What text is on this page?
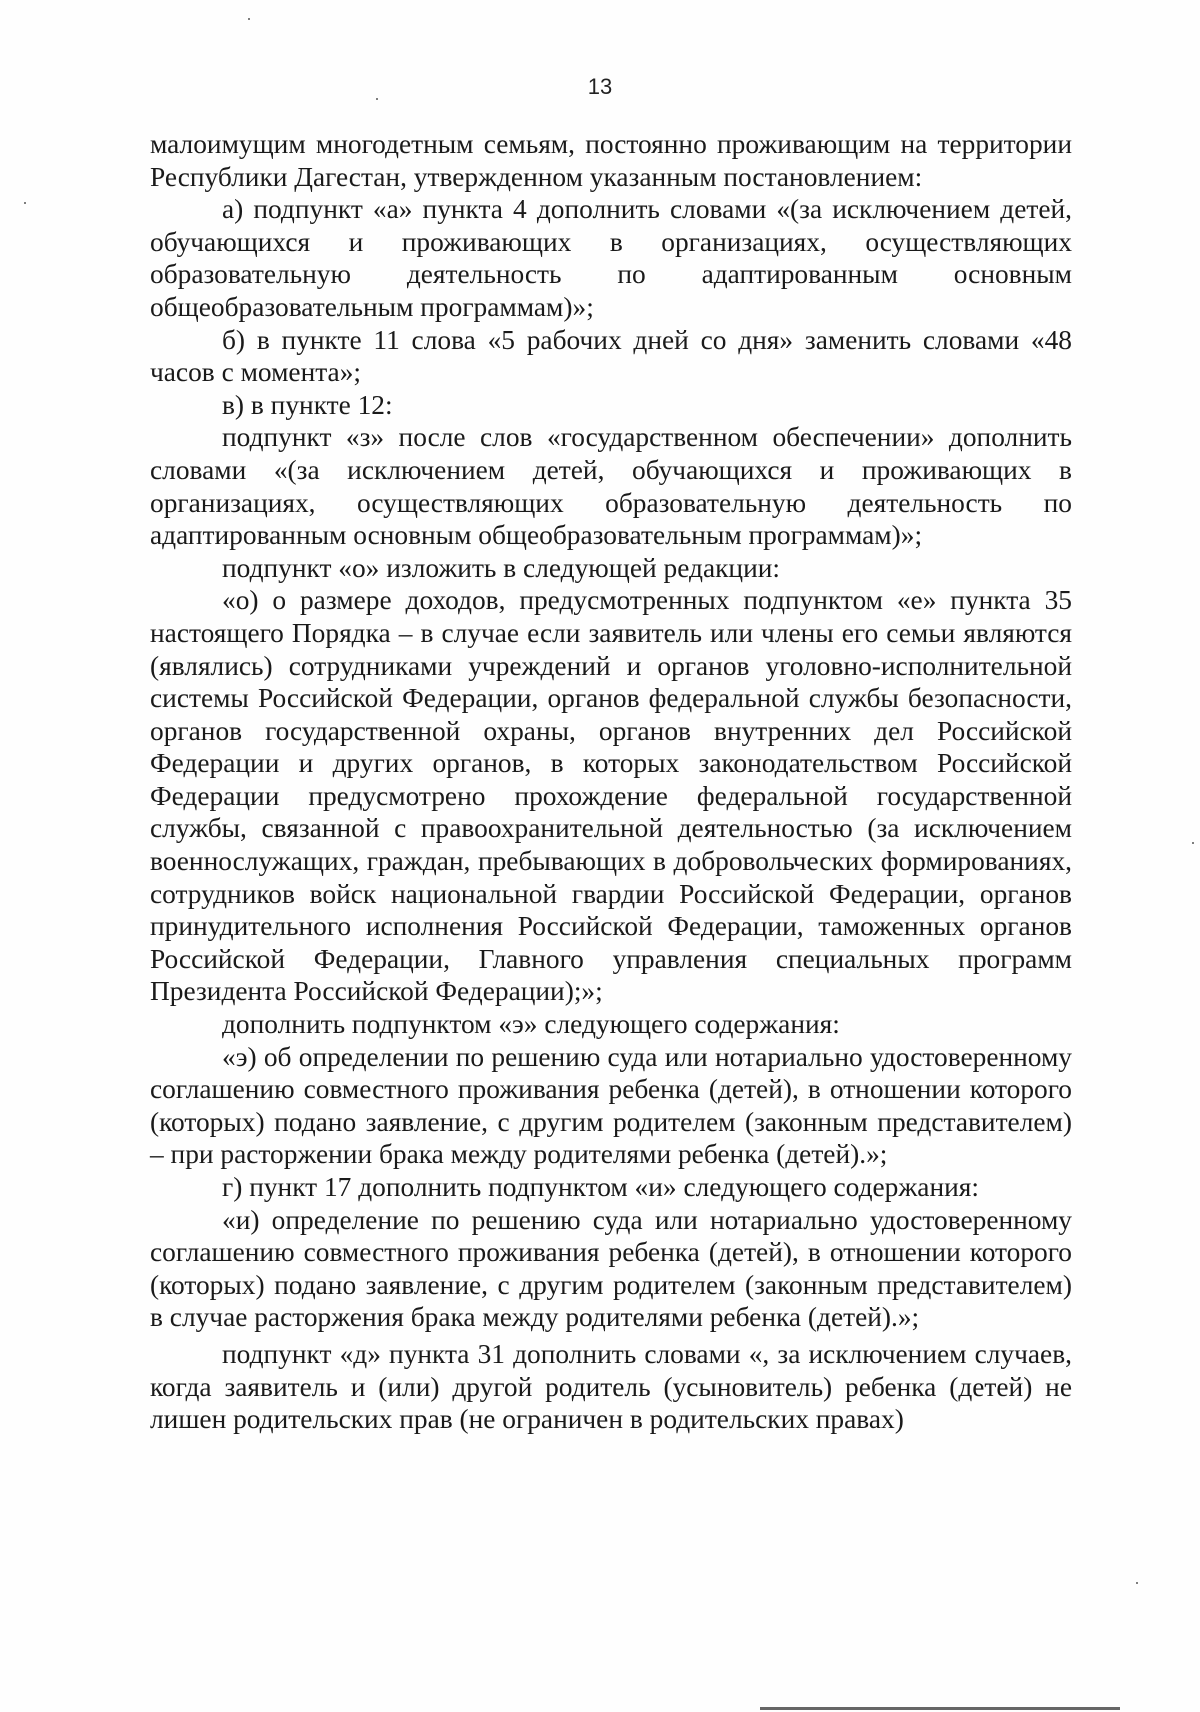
13

малоимущим многодетным семьям, постоянно проживающим на территории Республики Дагестан, утвержденном указанным постановлением:

а) подпункт «а» пункта 4 дополнить словами «(за исключением детей, обучающихся и проживающих в организациях, осуществляющих образовательную деятельность по адаптированным основным общеобразовательным программам)»;

б) в пункте 11 слова «5 рабочих дней со дня» заменить словами «48 часов с момента»;

в) в пункте 12:

подпункт «з» после слов «государственном обеспечении» дополнить словами «(за исключением детей, обучающихся и проживающих в организациях, осуществляющих образовательную деятельность по адаптированным основным общеобразовательным программам)»;

подпункт «о» изложить в следующей редакции:

«о) о размере доходов, предусмотренных подпунктом «е» пункта 35 настоящего Порядка – в случае если заявитель или члены его семьи являются (являлись) сотрудниками учреждений и органов уголовно-исполнительной системы Российской Федерации, органов федеральной службы безопасности, органов государственной охраны, органов внутренних дел Российской Федерации и других органов, в которых законодательством Российской Федерации предусмотрено прохождение федеральной государственной службы, связанной с правоохранительной деятельностью (за исключением военнослужащих, граждан, пребывающих в добровольческих формированиях, сотрудников войск национальной гвардии Российской Федерации, органов принудительного исполнения Российской Федерации, таможенных органов Российской Федерации, Главного управления специальных программ Президента Российской Федерации);»;

дополнить подпунктом «э» следующего содержания:

«э) об определении по решению суда или нотариально удостоверенному соглашению совместного проживания ребенка (детей), в отношении которого (которых) подано заявление, с другим родителем (законным представителем) – при расторжении брака между родителями ребенка (детей).»;

г) пункт 17 дополнить подпунктом «и» следующего содержания:

«и) определение по решению суда или нотариально удостоверенному соглашению совместного проживания ребенка (детей), в отношении которого (которых) подано заявление, с другим родителем (законным представителем) в случае расторжения брака между родителями ребенка (детей).»;

подпункт «д» пункта 31 дополнить словами «, за исключением случаев, когда заявитель и (или) другой родитель (усыновитель) ребенка (детей) не лишен родительских прав (не ограничен в родительских правах)
